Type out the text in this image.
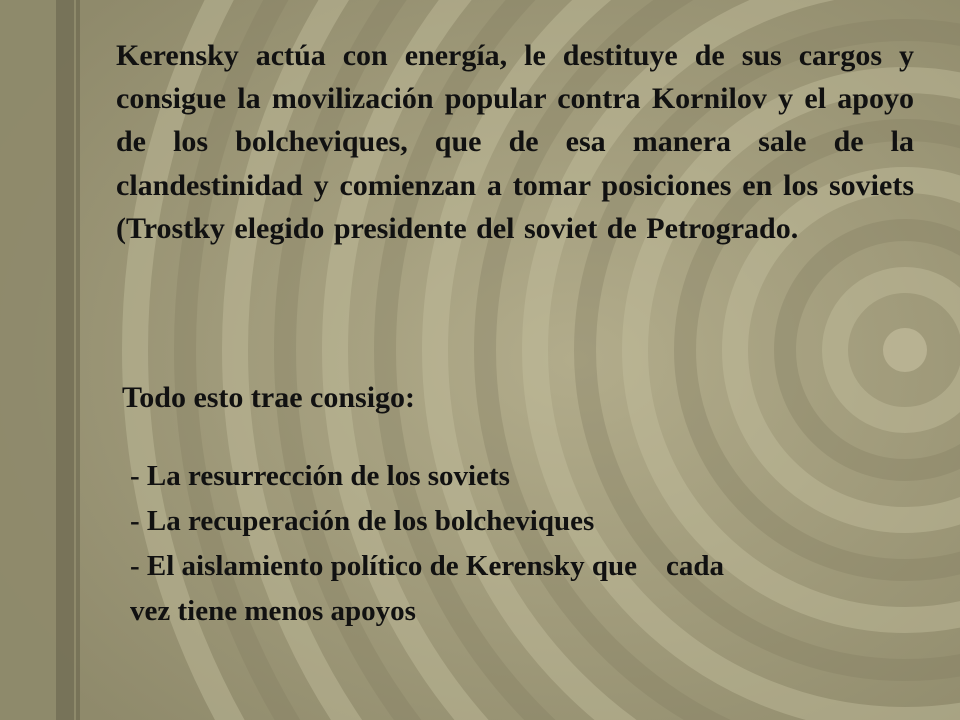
Kerensky actúa con energía, le destituye de sus cargos y consigue la movilización popular contra Kornilov y el apoyo de los bolcheviques, que de esa manera sale de la clandestinidad y comienzan a tomar posiciones en los soviets (Trostky elegido presidente del soviet de Petrogrado.
Todo esto trae consigo:
- La resurrección de los soviets
- La recuperación de los bolcheviques
- El aislamiento político de Kerensky que    cada
vez tiene menos apoyos
